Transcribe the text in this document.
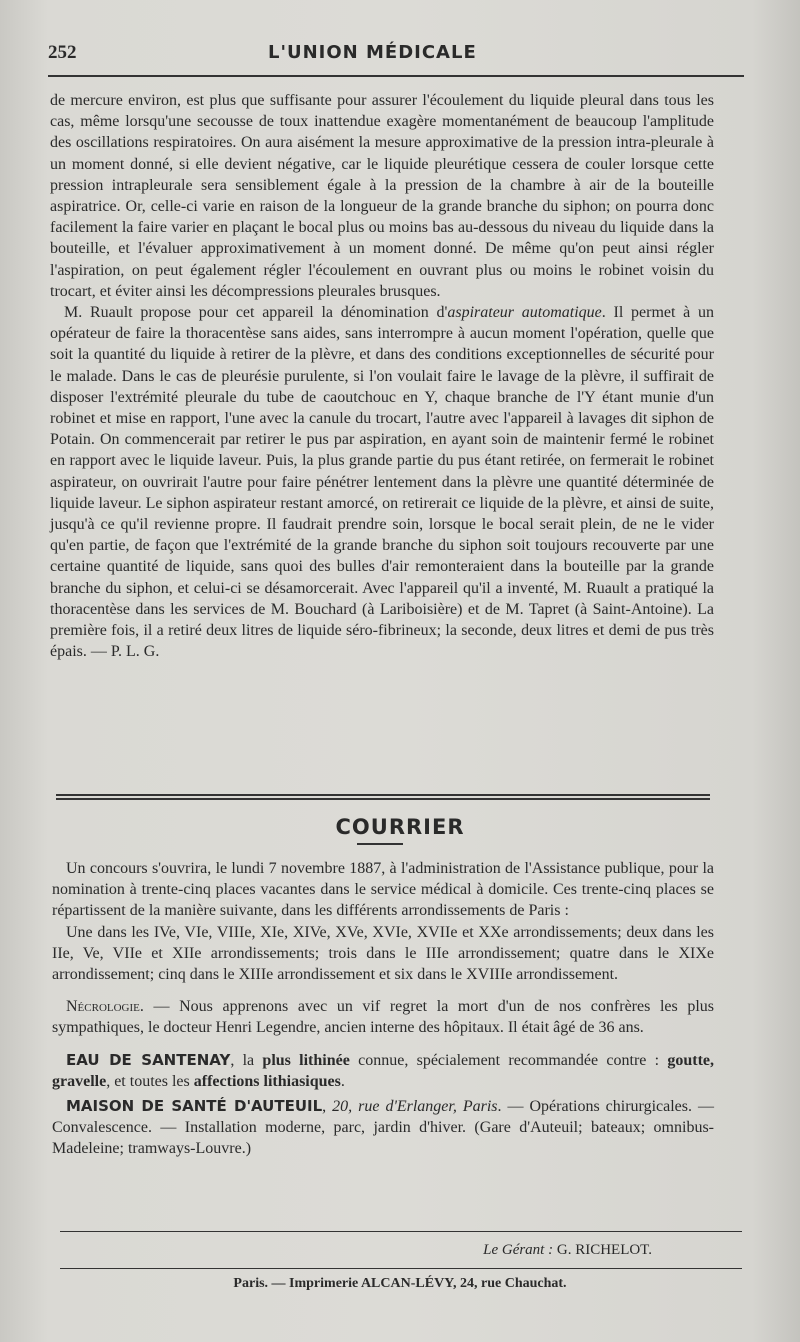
252	L'UNION MÉDICALE

de mercure environ, est plus que suffisante pour assurer l'écoulement du liquide pleural dans tous les cas, même lorsqu'une secousse de toux inattendue exagère momentanément de beaucoup l'amplitude des oscillations respiratoires. On aura aisément la mesure approximative de la pression intra-pleurale à un moment donné, si elle devient négative, car le liquide pleurétique cessera de couler lorsque cette pression intrapleurale sera sensiblement égale à la pression de la chambre à air de la bouteille aspiratrice. Or, celle-ci varie en raison de la longueur de la grande branche du siphon; on pourra donc facilement la faire varier en plaçant le bocal plus ou moins bas au-dessous du niveau du liquide dans la bouteille, et l'évaluer approximativement à un moment donné. De même qu'on peut ainsi régler l'aspiration, on peut également régler l'écoulement en ouvrant plus ou moins le robinet voisin du trocart, et éviter ainsi les décompressions pleurales brusques.

M. Ruault propose pour cet appareil la dénomination d'aspirateur automatique. Il permet à un opérateur de faire la thoracentèse sans aides, sans interrompre à aucun moment l'opération, quelle que soit la quantité du liquide à retirer de la plèvre, et dans des conditions exceptionnelles de sécurité pour le malade. Dans le cas de pleurésie purulente, si l'on voulait faire le lavage de la plèvre, il suffirait de disposer l'extrémité pleurale du tube de caoutchouc en Y, chaque branche de l'Y étant munie d'un robinet et mise en rapport, l'une avec la canule du trocart, l'autre avec l'appareil à lavages dit siphon de Potain. On commencerait par retirer le pus par aspiration, en ayant soin de maintenir fermé le robinet en rapport avec le liquide laveur. Puis, la plus grande partie du pus étant retirée, on fermerait le robinet aspirateur, on ouvrirait l'autre pour faire pénétrer lentement dans la plèvre une quantité déterminée de liquide laveur. Le siphon aspirateur restant amorcé, on retirerait ce liquide de la plèvre, et ainsi de suite, jusqu'à ce qu'il revienne propre. Il faudrait prendre soin, lorsque le bocal serait plein, de ne le vider qu'en partie, de façon que l'extrémité de la grande branche du siphon soit toujours recouverte par une certaine quantité de liquide, sans quoi des bulles d'air remonteraient dans la bouteille par la grande branche du siphon, et celui-ci se désamorcerait. Avec l'appareil qu'il a inventé, M. Ruault a pratiqué la thoracentèse dans les services de M. Bouchard (à Lariboisière) et de M. Tapret (à Saint-Antoine). La première fois, il a retiré deux litres de liquide séro-fibrineux; la seconde, deux litres et demi de pus très épais. — P. L. G.

COURRIER

Un concours s'ouvrira, le lundi 7 novembre 1887, à l'administration de l'Assistance publique, pour la nomination à trente-cinq places vacantes dans le service médical à domicile. Ces trente-cinq places se répartissent de la manière suivante, dans les différents arrondissements de Paris :

Une dans les IVe, VIe, VIIIe, XIe, XIVe, XVe, XVIe, XVIIe et XXe arrondissements; deux dans les IIe, Ve, VIIe et XIIe arrondissements; trois dans le IIIe arrondissement; quatre dans le XIXe arrondissement; cinq dans le XIIIe arrondissement et six dans le XVIIIe arrondissement.

Nécrologie. — Nous apprenons avec un vif regret la mort d'un de nos confrères les plus sympathiques, le docteur Henri Legendre, ancien interne des hôpitaux. Il était âgé de 36 ans.

EAU DE SANTENAY, la plus lithinée connue, spécialement recommandée contre : goutte, gravelle, et toutes les affections lithiasiques.

MAISON DE SANTÉ D'AUTEUIL, 20, rue d'Erlanger, Paris. — Opérations chirurgicales. — Convalescence. — Installation moderne, parc, jardin d'hiver. (Gare d'Auteuil; bateaux; omnibus-Madeleine; tramways-Louvre.)

Le Gérant : G. RICHELOT.
Paris. — Imprimerie ALCAN-LÉVY, 24, rue Chauchat.
